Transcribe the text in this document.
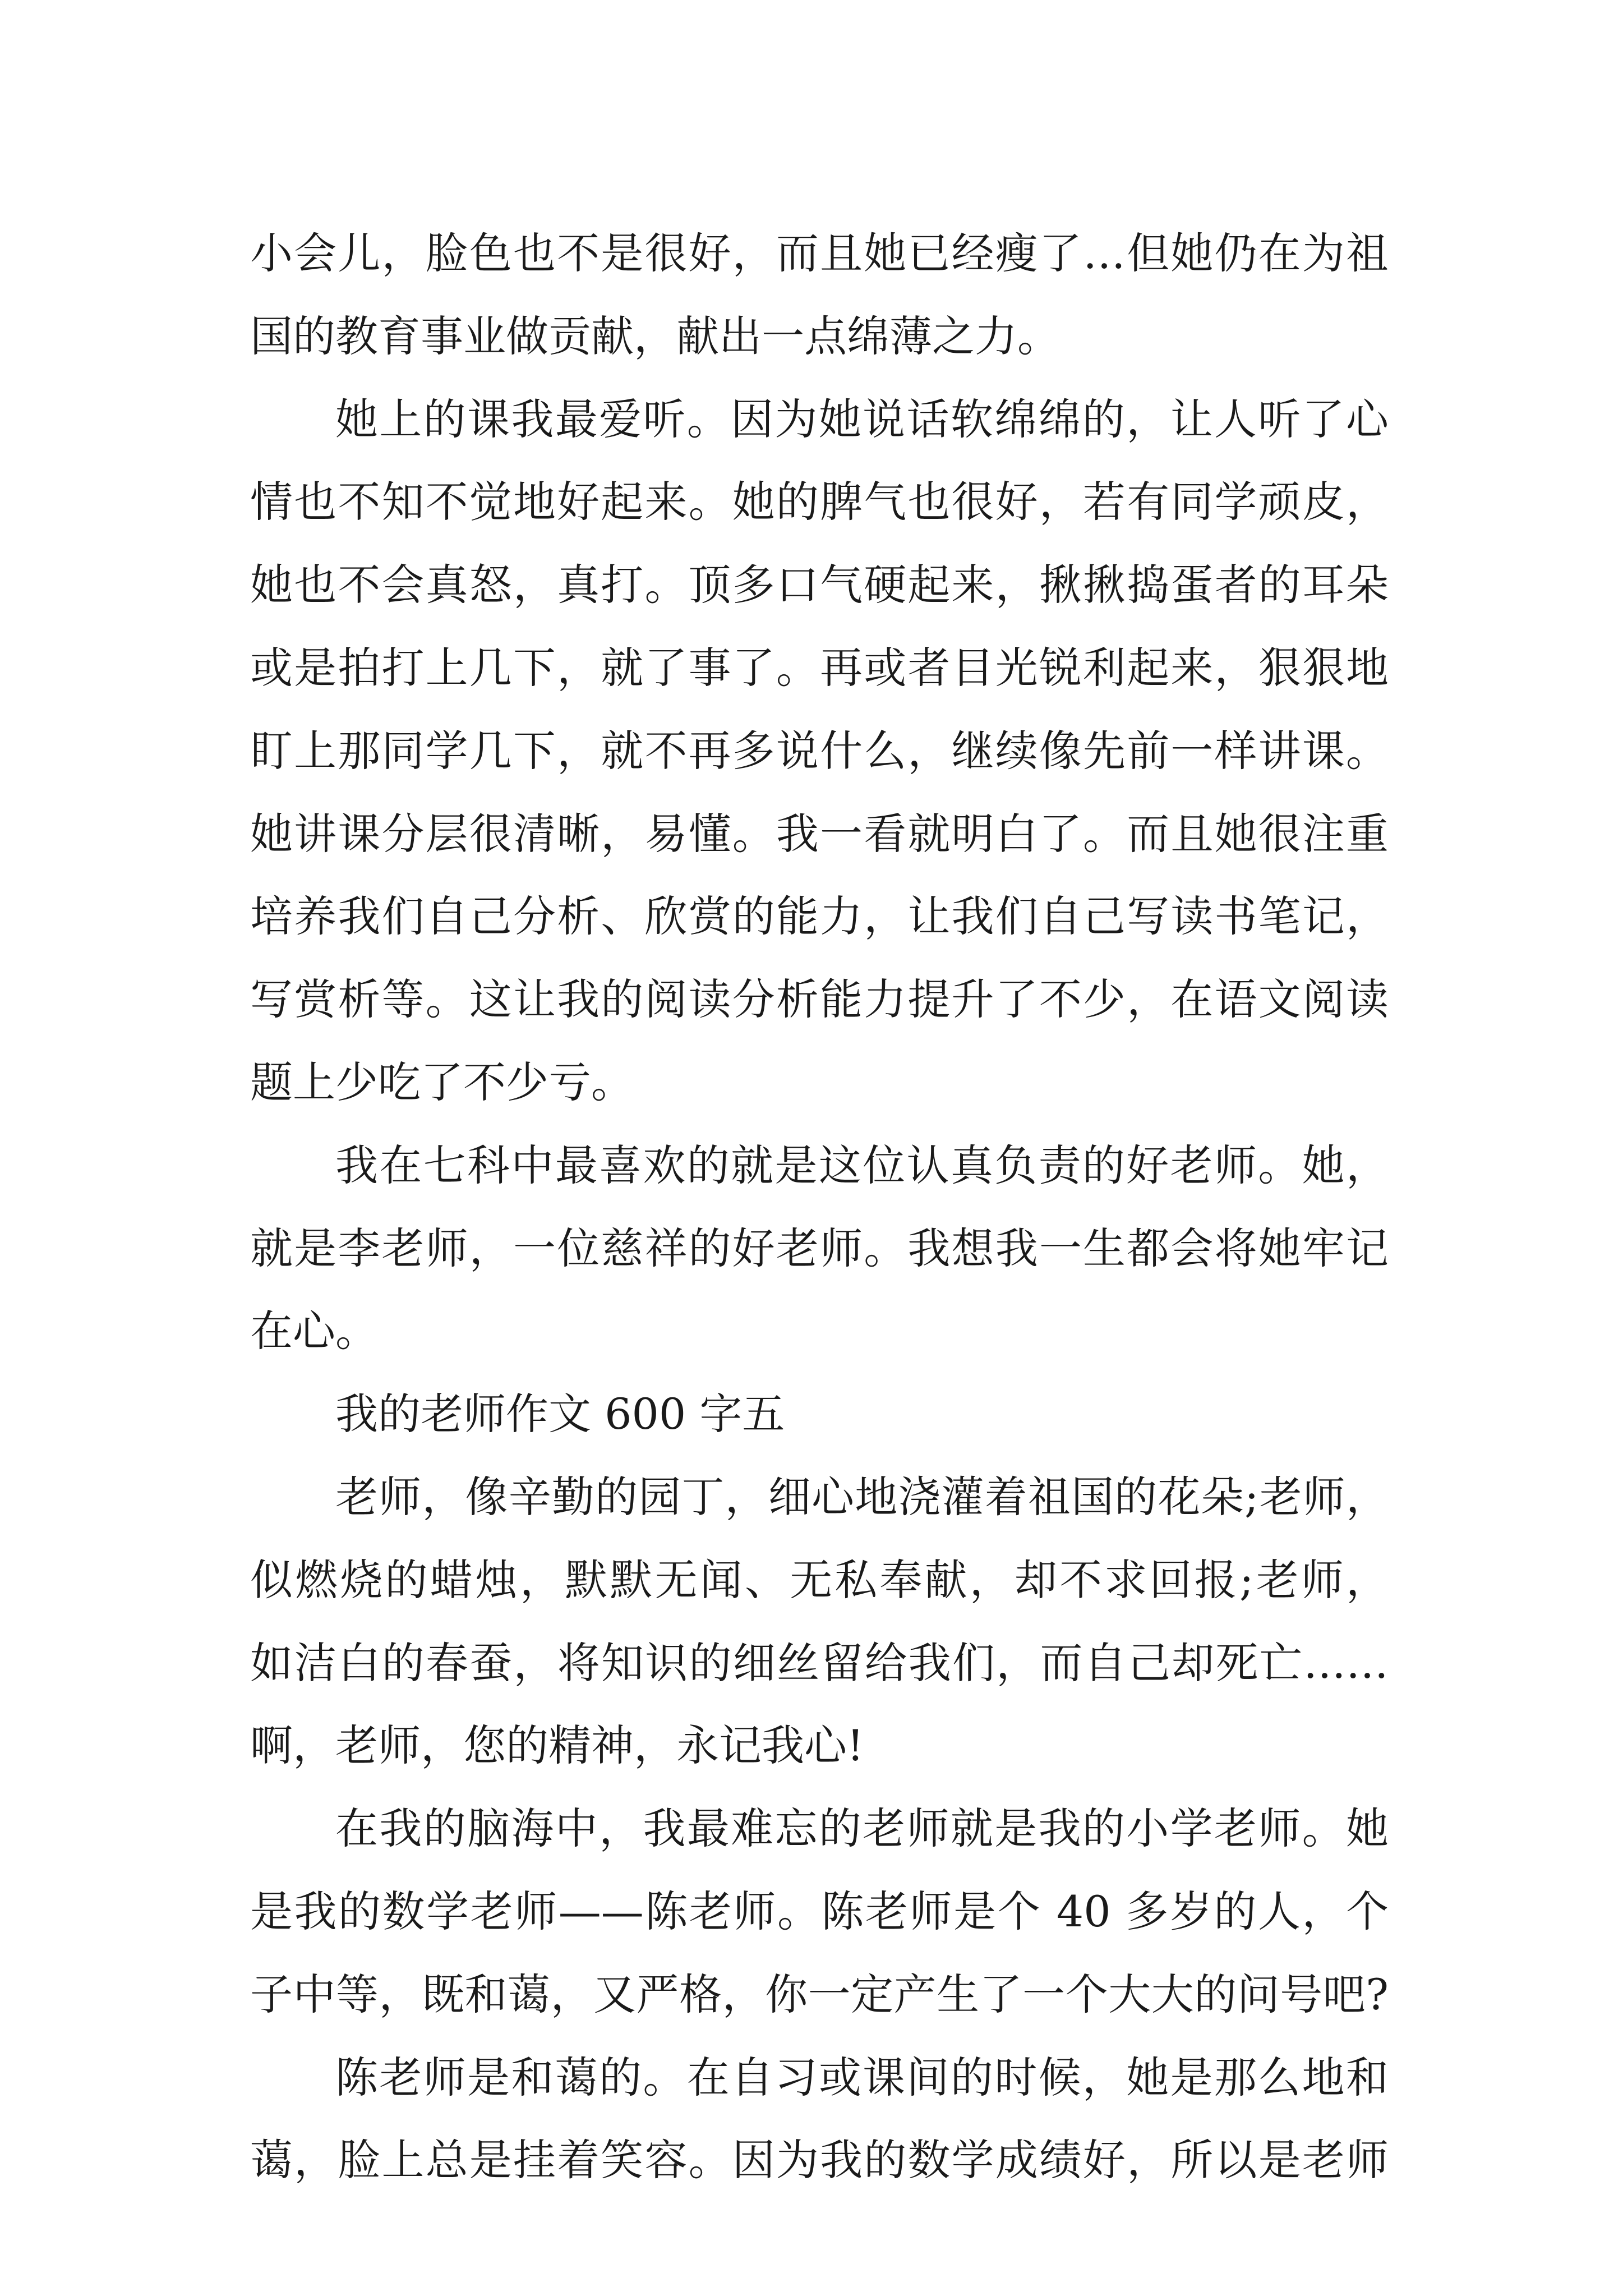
小会儿，脸色也不是很好，而且她已经瘦了…但她仍在为祖
国的教育事业做贡献，献出一点绵薄之力。
她上的课我最爱听。因为她说话软绵绵的，让人听了心
情也不知不觉地好起来。她的脾气也很好，若有同学顽皮，
她也不会真怒，真打。顶多口气硬起来，揪揪捣蛋者的耳朵
或是拍打上几下，就了事了。再或者目光锐利起来，狠狠地
盯上那同学几下，就不再多说什么，继续像先前一样讲课。
她讲课分层很清晰，易懂。我一看就明白了。而且她很注重
培养我们自己分析、欣赏的能力，让我们自己写读书笔记，
写赏析等。这让我的阅读分析能力提升了不少，在语文阅读
题上少吃了不少亏。
我在七科中最喜欢的就是这位认真负责的好老师。她，
就是李老师，一位慈祥的好老师。我想我一生都会将她牢记
在心。
我的老师作文 600 字五
老师，像辛勤的园丁，细心地浇灌着祖国的花朵;老师，
似燃烧的蜡烛，默默无闻、无私奉献，却不求回报;老师，
如洁白的春蚕，将知识的细丝留给我们，而自己却死亡……
啊，老师，您的精神，永记我心!
在我的脑海中，我最难忘的老师就是我的小学老师。她
是我的数学老师——陈老师。陈老师是个 40 多岁的人，个
子中等，既和蔼，又严格，你一定产生了一个大大的问号吧?
陈老师是和蔼的。在自习或课间的时候，她是那么地和
蔼，脸上总是挂着笑容。因为我的数学成绩好，所以是老师
